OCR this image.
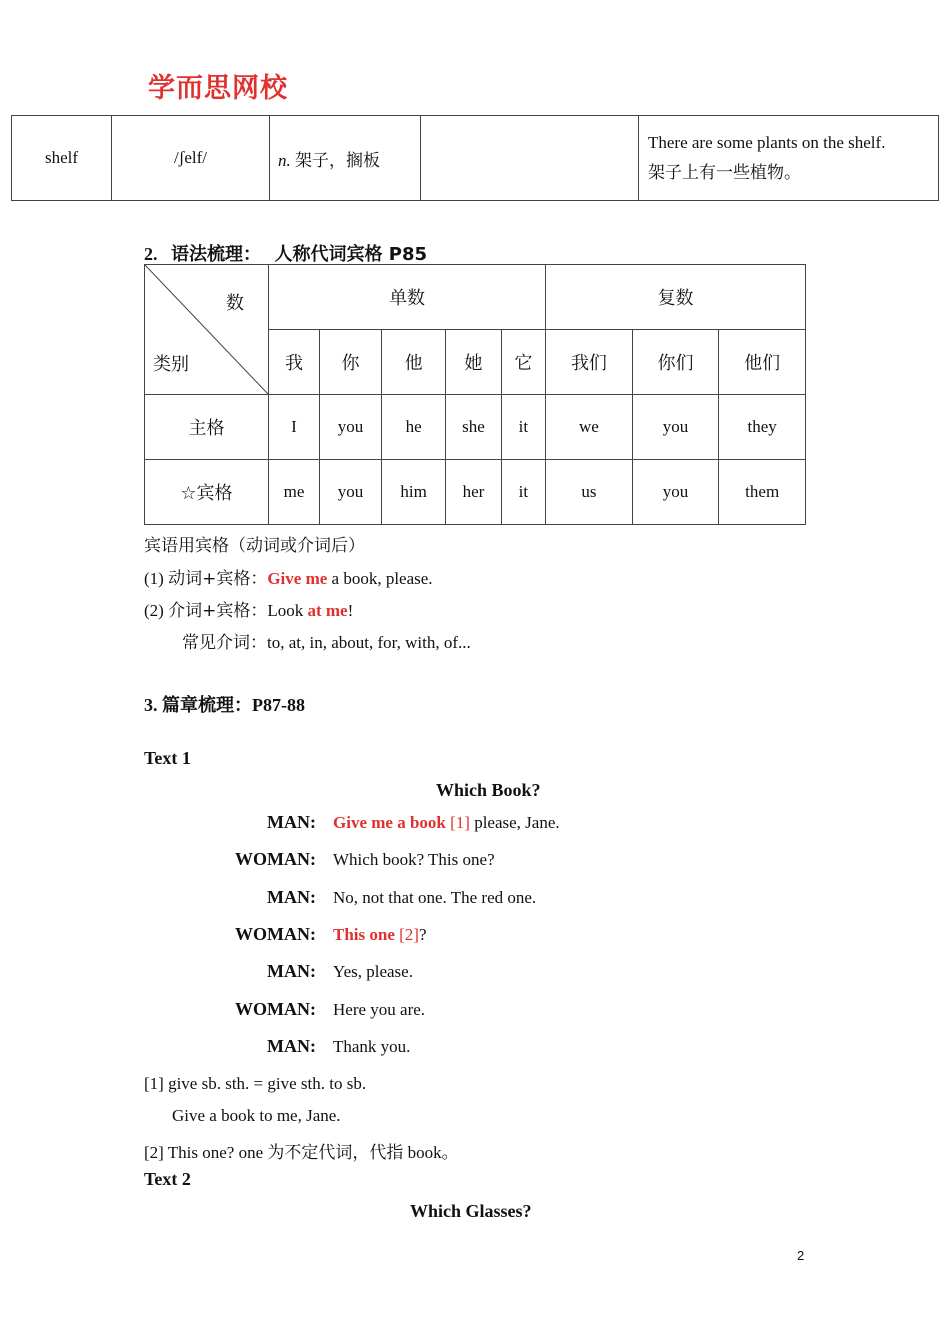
学而思网校
shelf	/ʃelf/	n. 架子，搁板		
There are some plants on the shelf.
架子上有一些植物。
2. 语法梳理： 人称代词宾格 P85
数
类别	单数					复数		
	我	你	他	她	它	我们	你们	他们
主格	I	you	he	she	it	we	you	they
☆宾格	me	you	him	her	it	us	you	them
宾语用宾格（动词或介词后）
(1) 动词+宾格：Give me a book, please.
(2) 介词+宾格：Look at me!
常见介词：to, at, in, about, for, with, of...
3. 篇章梳理：P87-88
Text 1
Which Book?
MAN: Give me a book [1] please, Jane.
WOMAN: Which book? This one?
MAN: No, not that one. The red one.
WOMAN: This one [2]?
MAN: Yes, please.
WOMAN: Here you are.
MAN: Thank you.
[1] give sb. sth. = give sth. to sb.
Give a book to me, Jane.
[2] This one? one 为不定代词，代指 book。
Text 2
Which Glasses?
2
